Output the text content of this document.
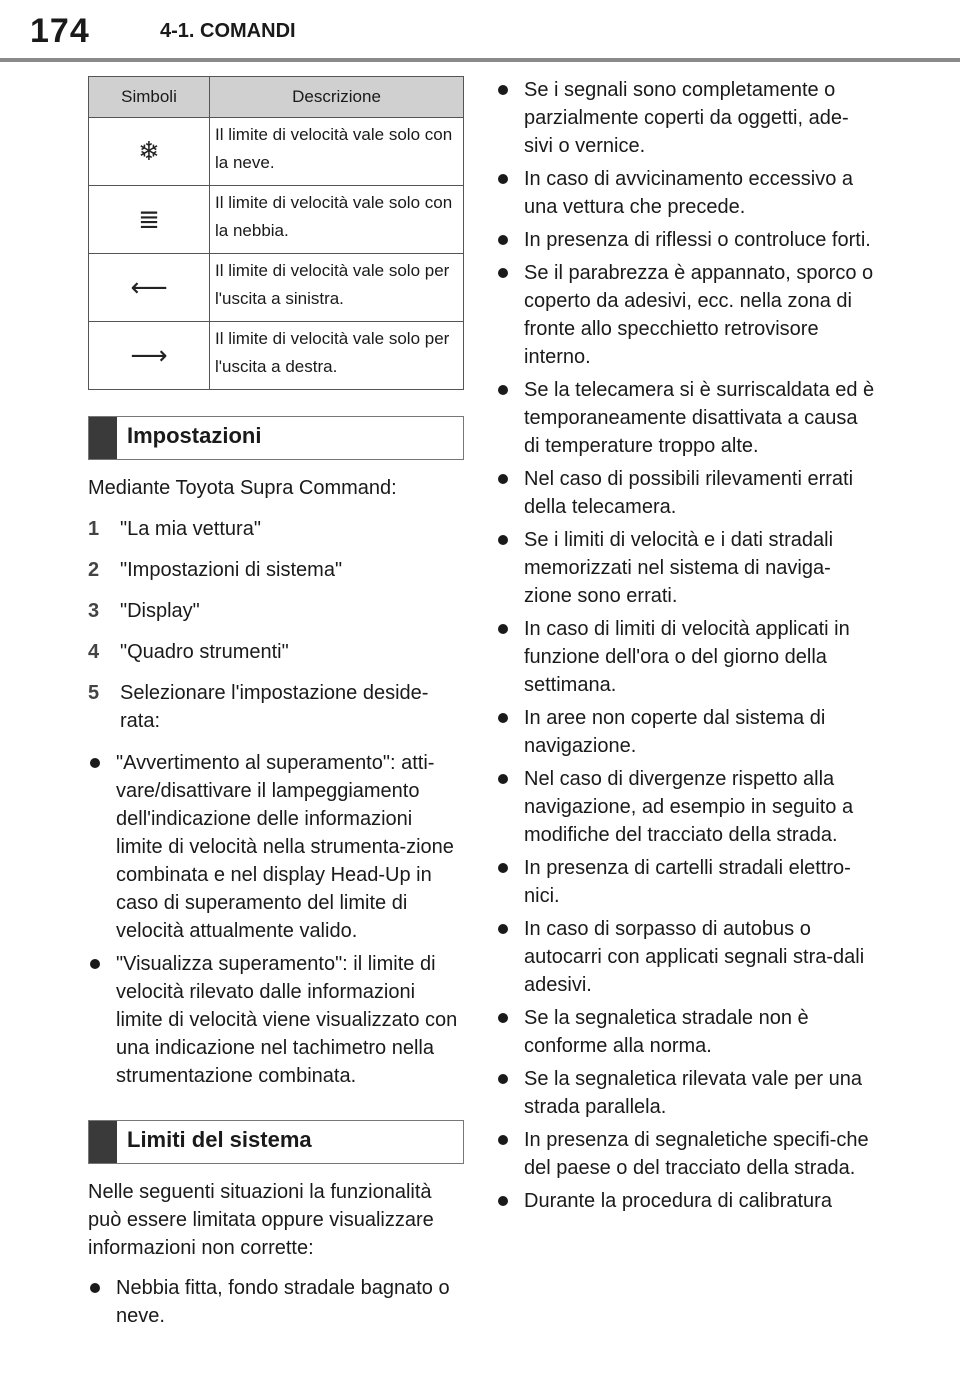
174	4-1. COMANDI
Simboli	Descrizione
❄	Il limite di velocità vale solo con la neve.
≣	Il limite di velocità vale solo con la nebbia.
⟵	Il limite di velocità vale solo per l'uscita a sinistra.
⟶	Il limite di velocità vale solo per l'uscita a destra.
Impostazioni

Mediante Toyota Supra Command:

1 "La mia vettura"
2 "Impostazioni di sistema"
3 "Display"
4 "Quadro strumenti"
5 Selezionare l'impostazione deside-rata:
"Avvertimento al superamento": atti-vare/disattivare il lampeggiamento dell'indicazione delle informazioni limite di velocità nella strumenta-zione combinata e nel display Head-Up in caso di superamento del limite di velocità attualmente valido.
"Visualizza superamento": il limite di velocità rilevato dalle informazioni limite di velocità viene visualizzato con una indicazione nel tachimetro nella strumentazione combinata.
Limiti del sistema

Nelle seguenti situazioni la funzionalità può essere limitata oppure visualizzare informazioni non corrette:

Nebbia fitta, fondo stradale bagnato o neve.
Se i segnali sono completamente o parzialmente coperti da oggetti, ade-sivi o vernice.
In caso di avvicinamento eccessivo a una vettura che precede.
In presenza di riflessi o controluce forti.
Se il parabrezza è appannato, sporco o coperto da adesivi, ecc. nella zona di fronte allo specchietto retrovisore interno.
Se la telecamera si è surriscaldata ed è temporaneamente disattivata a causa di temperature troppo alte.
Nel caso di possibili rilevamenti errati della telecamera.
Se i limiti di velocità e i dati stradali memorizzati nel sistema di naviga-zione sono errati.
In caso di limiti di velocità applicati in funzione dell'ora o del giorno della settimana.
In aree non coperte dal sistema di navigazione.
Nel caso di divergenze rispetto alla navigazione, ad esempio in seguito a modifiche del tracciato della strada.
In presenza di cartelli stradali elettro-nici.
In caso di sorpasso di autobus o autocarri con applicati segnali stra-dali adesivi.
Se la segnaletica stradale non è conforme alla norma.
Se la segnaletica rilevata vale per una strada parallela.
In presenza di segnaletiche specifi-che del paese o del tracciato della strada.
Durante la procedura di calibratura
